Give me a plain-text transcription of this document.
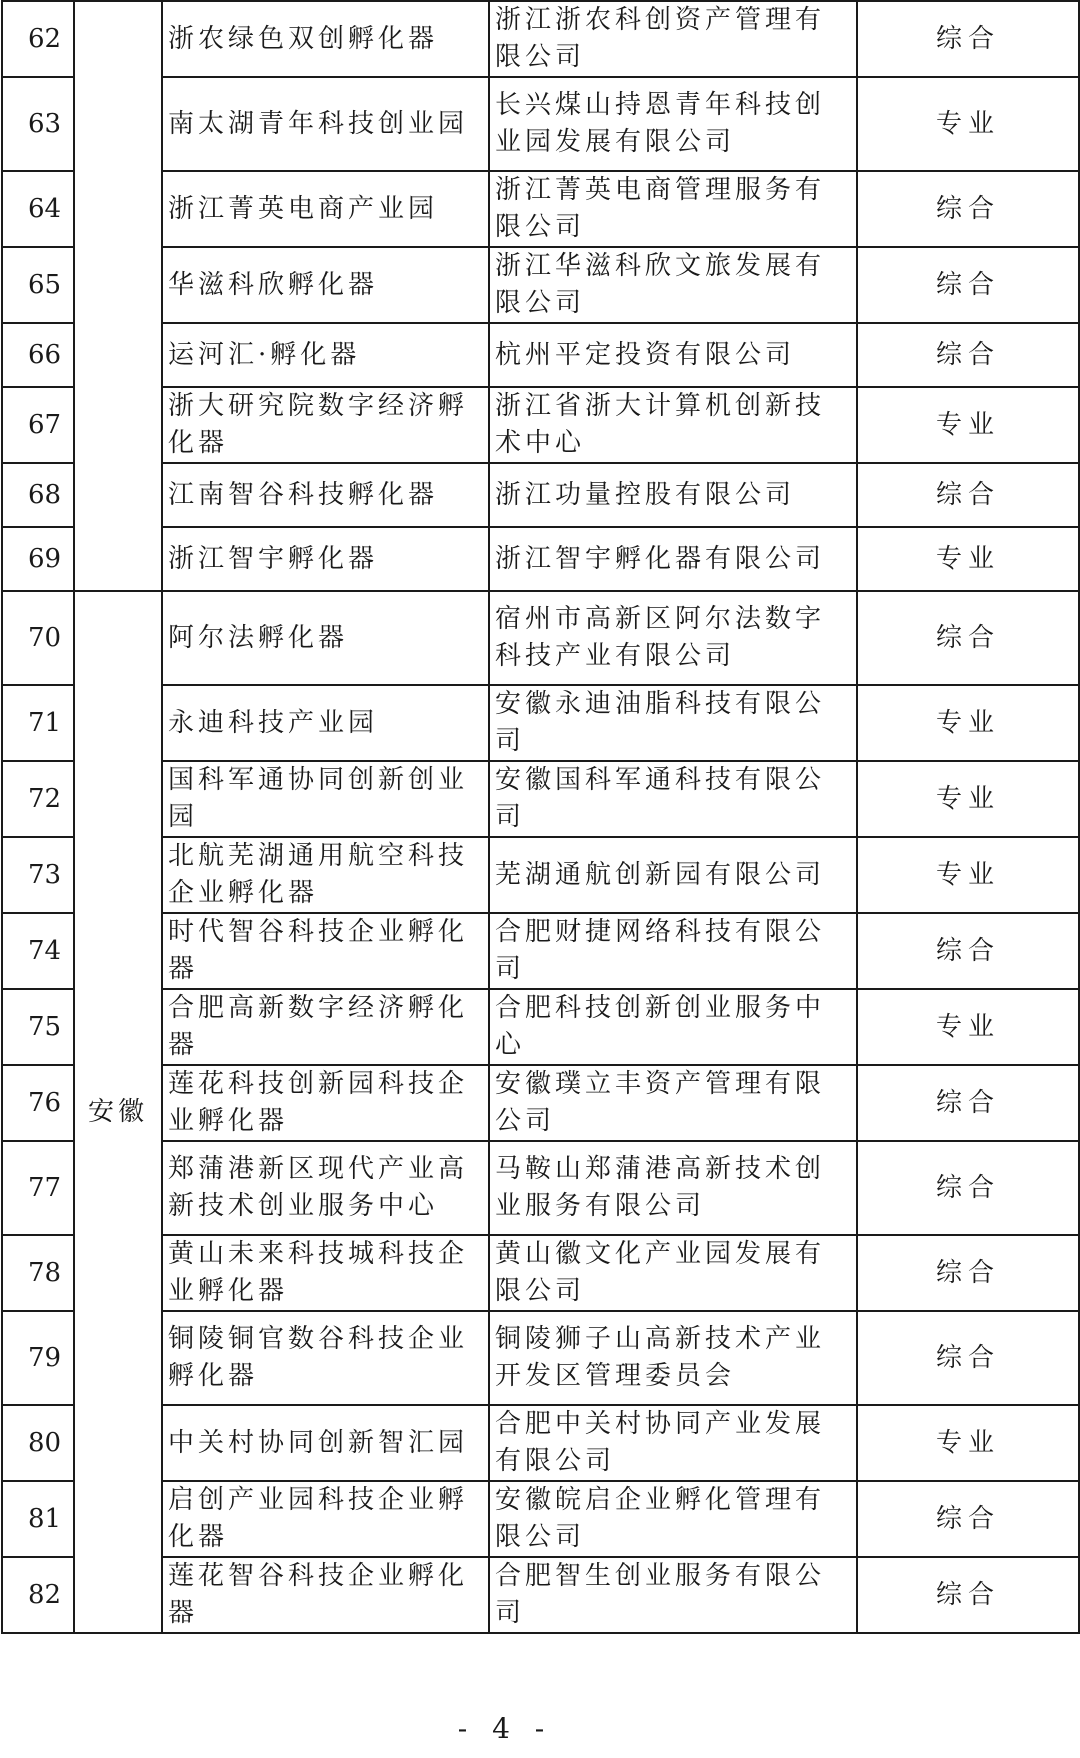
62		浙农绿色双创孵化器	浙江浙农科创资产管理有限公司	综合
63		南太湖青年科技创业园	长兴煤山持恩青年科技创业园发展有限公司	专业
64		浙江菁英电商产业园	浙江菁英电商管理服务有限公司	综合
65		华滋科欣孵化器	浙江华滋科欣文旅发展有限公司	综合
66		运河汇·孵化器	杭州平定投资有限公司	综合
67		浙大研究院数字经济孵化器	浙江省浙大计算机创新技术中心	专业
68		江南智谷科技孵化器	浙江功量控股有限公司	综合
69		浙江智宇孵化器	浙江智宇孵化器有限公司	专业
70	安徽	阿尔法孵化器	宿州市高新区阿尔法数字科技产业有限公司	综合
71		永迪科技产业园	安徽永迪油脂科技有限公司	专业
72		国科军通协同创新创业园	安徽国科军通科技有限公司	专业
73		北航芜湖通用航空科技企业孵化器	芜湖通航创新园有限公司	专业
74		时代智谷科技企业孵化器	合肥财捷网络科技有限公司	综合
75		合肥高新数字经济孵化器	合肥科技创新创业服务中心	专业
76		莲花科技创新园科技企业孵化器	安徽璞立丰资产管理有限公司	综合
77		郑蒲港新区现代产业高新技术创业服务中心	马鞍山郑蒲港高新技术创业服务有限公司	综合
78		黄山未来科技城科技企业孵化器	黄山徽文化产业园发展有限公司	综合
79		铜陵铜官数谷科技企业孵化器	铜陵狮子山高新技术产业开发区管理委员会	综合
80		中关村协同创新智汇园	合肥中关村协同产业发展有限公司	专业
81		启创产业园科技企业孵化器	安徽皖启企业孵化管理有限公司	综合
82		莲花智谷科技企业孵化器	合肥智生创业服务有限公司	综合
- 4 -
